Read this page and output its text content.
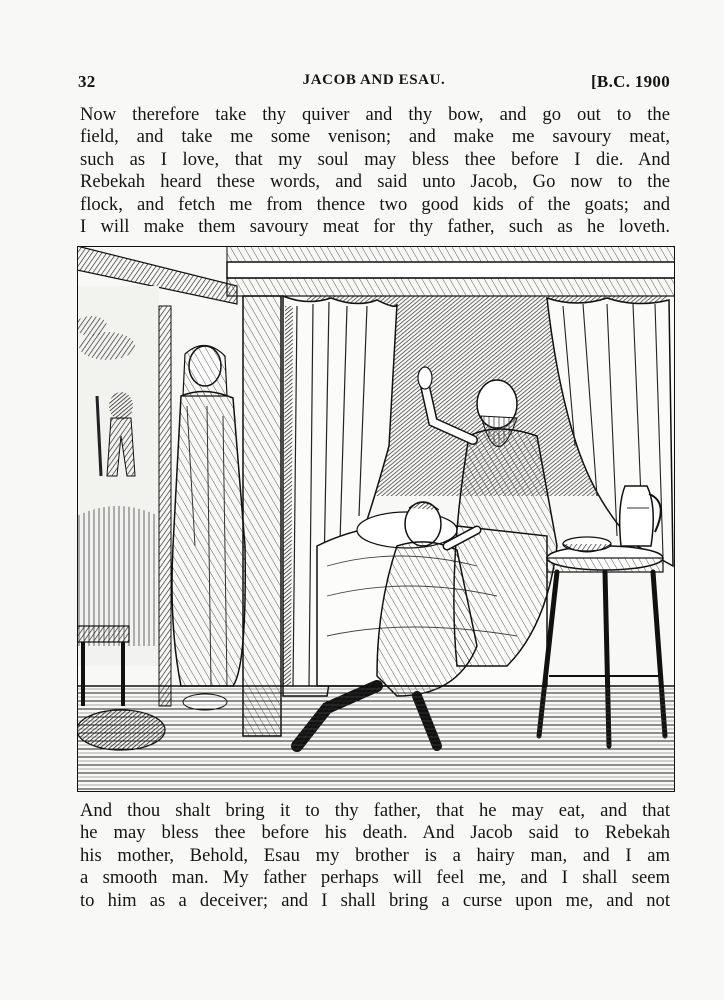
32	JACOB AND ESAU.	[B.C. 1900
Now therefore take thy quiver and thy bow, and go out to the
field, and take me some venison; and make me savoury meat,
such as I love, that my soul may bless thee before I die. And
Rebekah heard these words, and said unto Jacob, Go now to the
flock, and fetch me from thence two good kids of the goats; and
I will make them savoury meat for thy father, such as he loveth.
And thou shalt bring it to thy father, that he may eat, and that
he may bless thee before his death. And Jacob said to Rebekah
his mother, Behold, Esau my brother is a hairy man, and I am
a smooth man. My father perhaps will feel me, and I shall seem
to him as a deceiver; and I shall bring a curse upon me, and not
